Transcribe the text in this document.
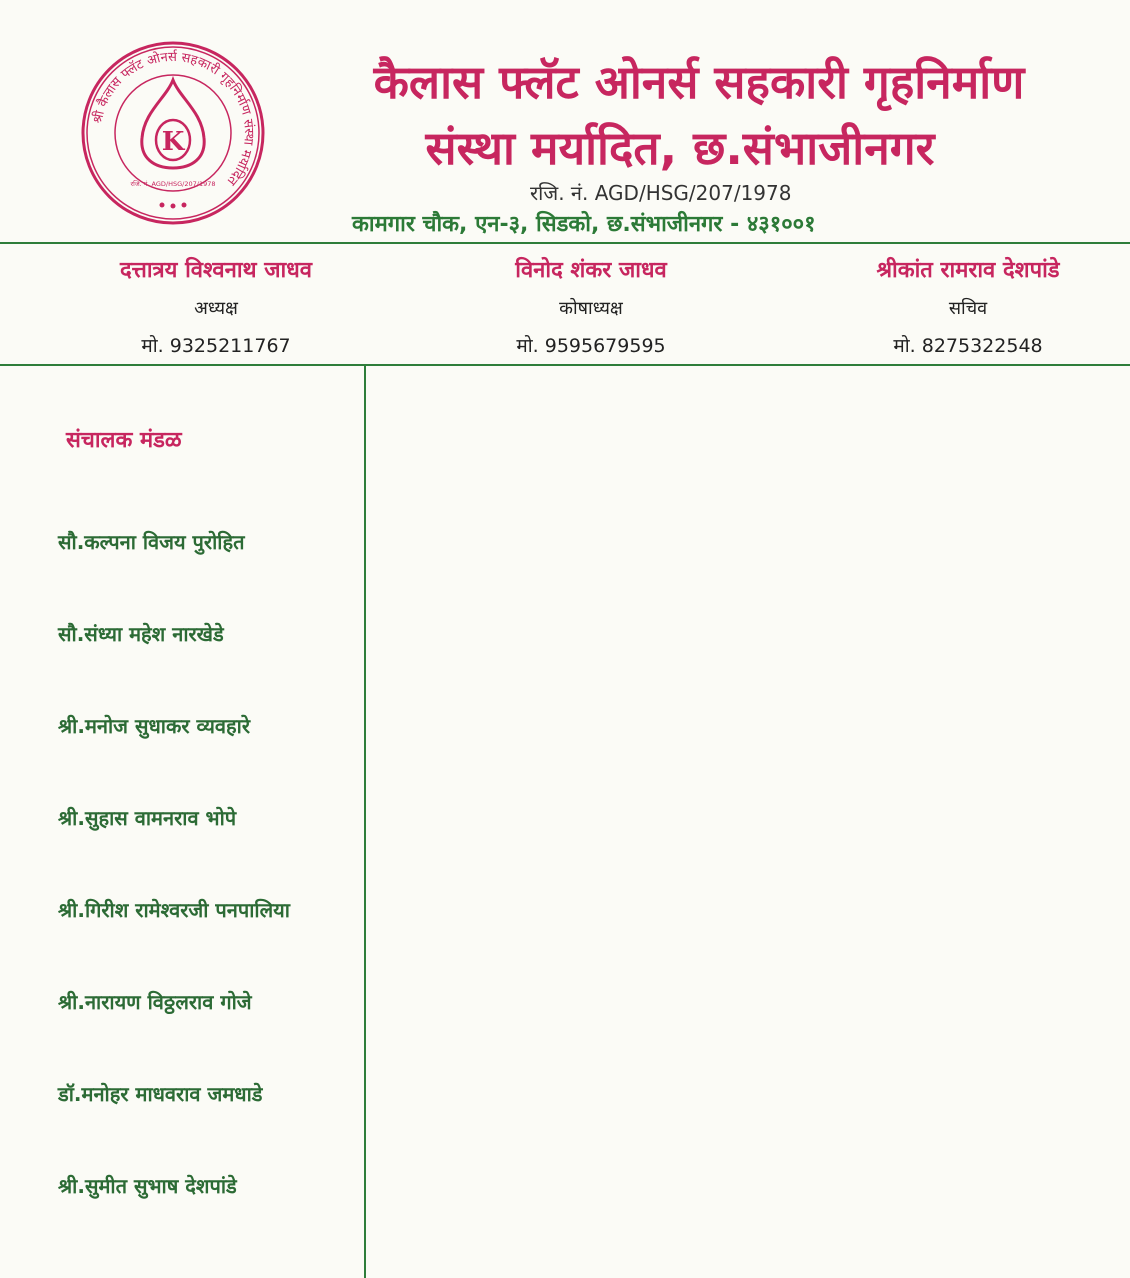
श्री कैलास फ्लॅट ओनर्स सहकारी गृहनिर्माण संस्था मर्यादित
K
रजि. नं. AGD/HSG/207/1978
कैलास फ्लॅट ओनर्स सहकारी गृहनिर्माण
संस्था मर्यादित, छ.संभाजीनगर
रजि. नं. AGD/HSG/207/1978
कामगार चौक, एन-३, सिडको, छ.संभाजीनगर - ४३१००१
दत्तात्रय विश्वनाथ जाधव
अध्यक्ष
मो. 9325211767
विनोद शंकर जाधव
कोषाध्यक्ष
मो. 9595679595
श्रीकांत रामराव देशपांडे
सचिव
मो. 8275322548
संचालक मंडळ
सौ.कल्पना विजय पुरोहित
सौ.संध्या महेश नारखेडे
श्री.मनोज सुधाकर व्यवहारे
श्री.सुहास वामनराव भोपे
श्री.गिरीश रामेश्वरजी पनपालिया
श्री.नारायण विठ्ठलराव गोजे
डॉ.मनोहर माधवराव जमधाडे
श्री.सुमीत सुभाष देशपांडे
